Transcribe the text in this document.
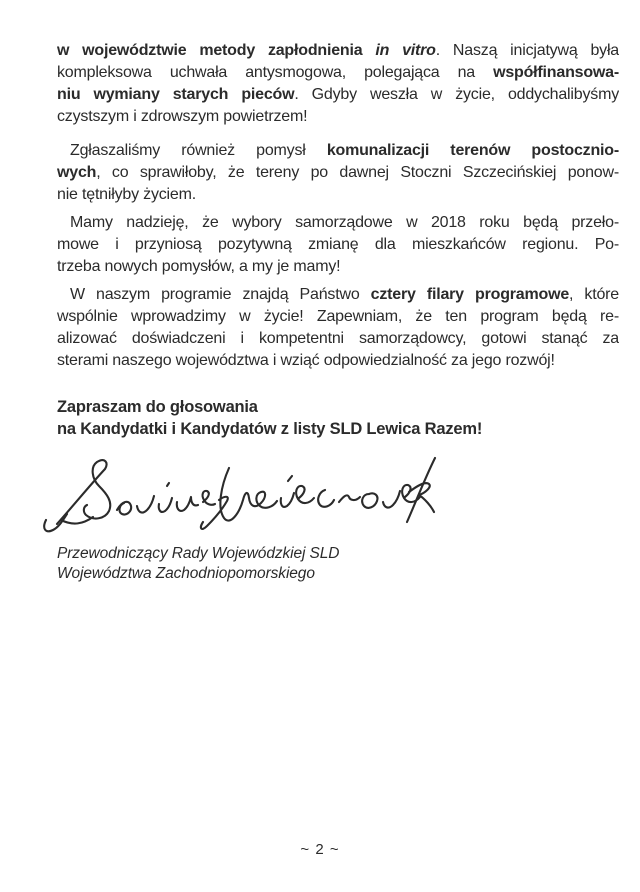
w województwie metody zapłodnienia in vitro. Naszą inicjatywą była
kompleksowa uchwała antysmogowa, polegająca na współfinansowa-
niu wymiany starych pieców. Gdyby weszła w życie, oddychalibyśmy
czystszym i zdrowszym powietrzem!
Zgłaszaliśmy również pomysł komunalizacji terenów postocznio-
wych, co sprawiłoby, że tereny po dawnej Stoczni Szczecińskiej ponow-
nie tętniłyby życiem.
Mamy nadzieję, że wybory samorządowe w 2018 roku będą przeło-
mowe i przyniosą pozytywną zmianę dla mieszkańców regionu. Po-
trzeba nowych pomysłów, a my je mamy!
W naszym programie znajdą Państwo cztery filary programowe, które
wspólnie wprowadzimy w życie! Zapewniam, że ten program będą re-
alizować doświadczeni i kompetentni samorządowcy, gotowi stanąć za
sterami naszego województwa i wziąć odpowiedzialność za jego rozwój!
Zapraszam do głosowania
na Kandydatki i Kandydatów z listy SLD Lewica Razem!
Przewodniczący Rady Wojewódzkiej SLD
Województwa Zachodniopomorskiego
~ 2 ~
